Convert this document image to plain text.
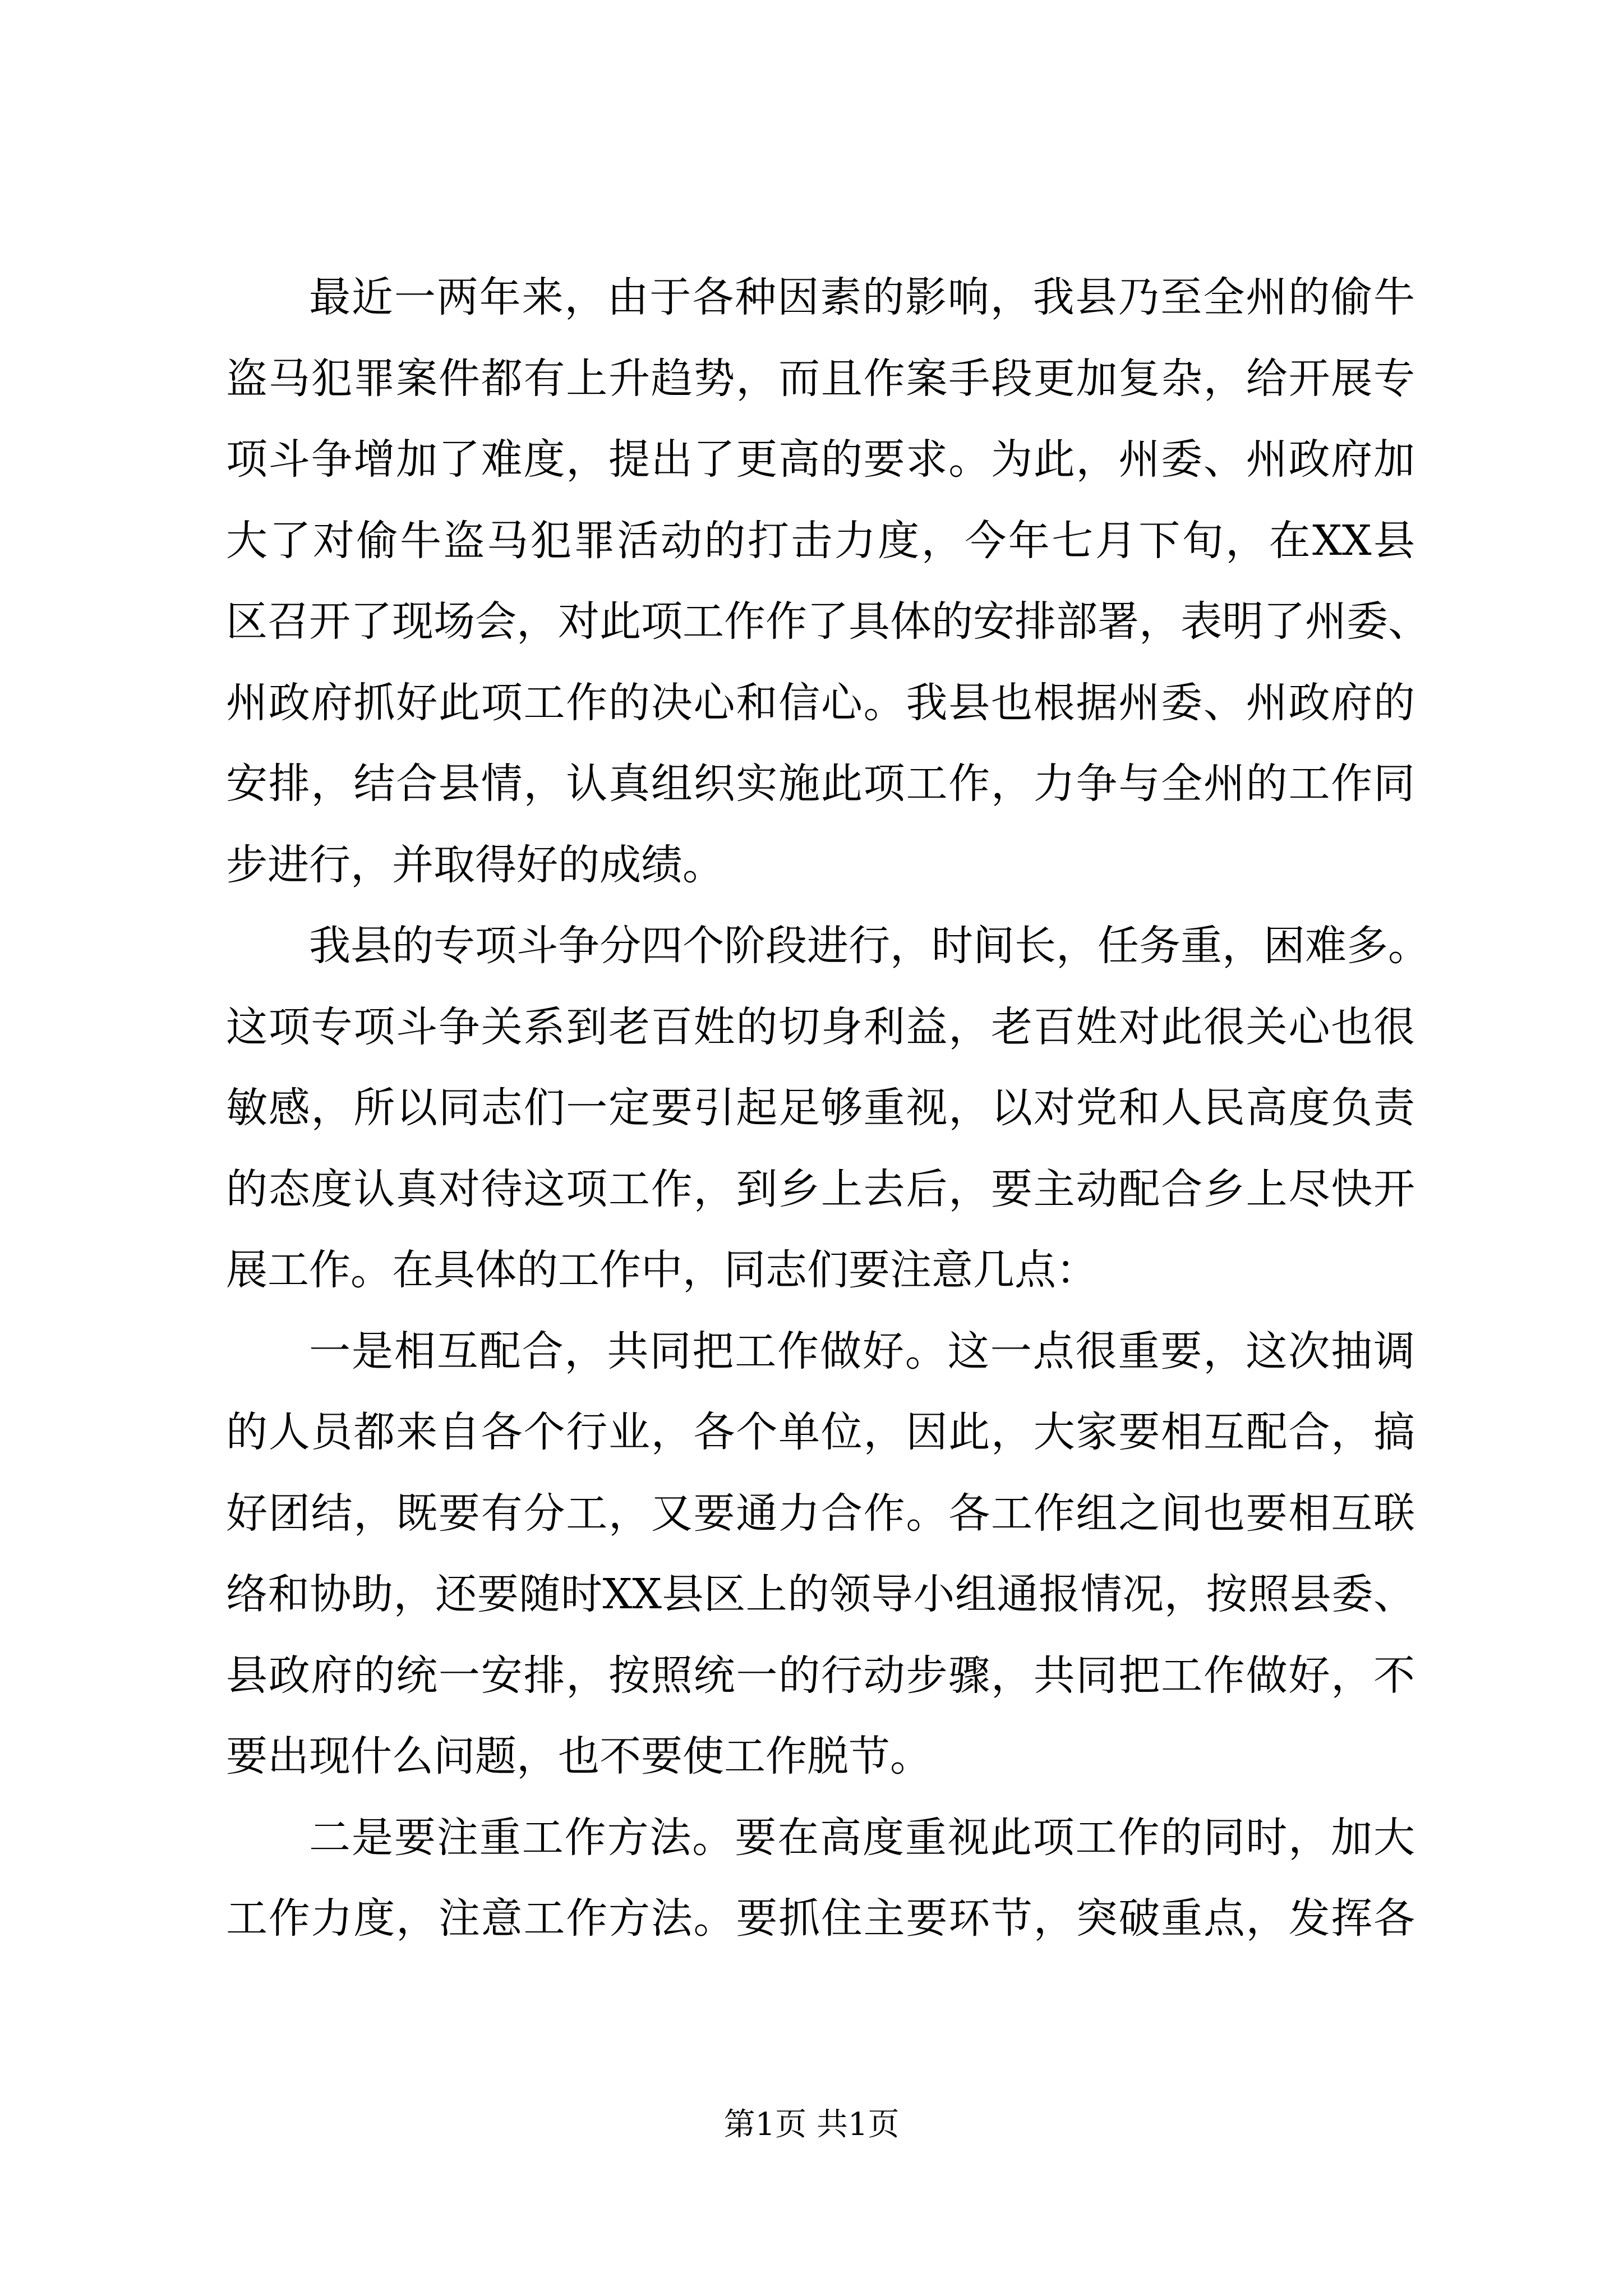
最近一两年来，由于各种因素的影响，我县乃至全州的偷牛
盗马犯罪案件都有上升趋势，而且作案手段更加复杂，给开展专
项斗争增加了难度，提出了更高的要求。为此，州委、州政府加
大了对偷牛盗马犯罪活动的打击力度，今年七月下旬，在XX县
区召开了现场会，对此项工作作了具体的安排部署，表明了州委、
州政府抓好此项工作的决心和信心。我县也根据州委、州政府的
安排，结合县情，认真组织实施此项工作，力争与全州的工作同
步进行，并取得好的成绩。
我县的专项斗争分四个阶段进行，时间长，任务重，困难多。
这项专项斗争关系到老百姓的切身利益，老百姓对此很关心也很
敏感，所以同志们一定要引起足够重视，以对党和人民高度负责
的态度认真对待这项工作，到乡上去后，要主动配合乡上尽快开
展工作。在具体的工作中，同志们要注意几点：
一是相互配合，共同把工作做好。这一点很重要，这次抽调
的人员都来自各个行业，各个单位，因此，大家要相互配合，搞
好团结，既要有分工，又要通力合作。各工作组之间也要相互联
络和协助，还要随时XX县区上的领导小组通报情况，按照县委、
县政府的统一安排，按照统一的行动步骤，共同把工作做好，不
要出现什么问题，也不要使工作脱节。
二是要注重工作方法。要在高度重视此项工作的同时，加大
工作力度，注意工作方法。要抓住主要环节，突破重点，发挥各
第1页 共1页
